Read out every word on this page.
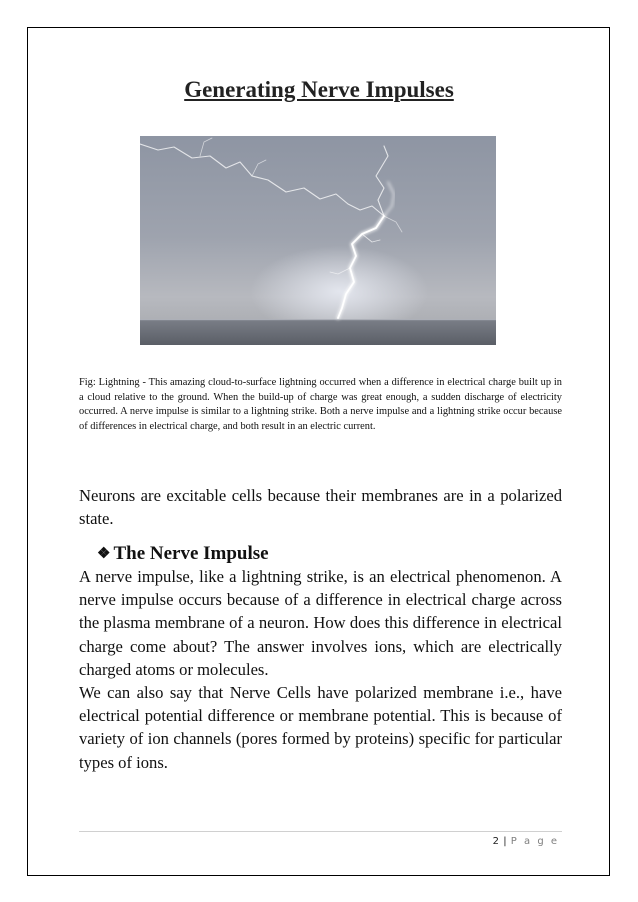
Generating Nerve Impulses
Fig: Lightning - This amazing cloud-to-surface lightning occurred when a difference in electrical charge built up in a cloud relative to the ground. When the build-up of charge was great enough, a sudden discharge of electricity occurred. A nerve impulse is similar to a lightning strike. Both a nerve impulse and a lightning strike occur because of differences in electrical charge, and both result in an electric current.
Neurons are excitable cells because their membranes are in a polarized state.
❖ The Nerve Impulse
A nerve impulse, like a lightning strike, is an electrical phenomenon. A nerve impulse occurs because of a difference in electrical charge across the plasma membrane of a neuron. How does this difference in electrical charge come about? The answer involves ions, which are electrically charged atoms or molecules.
We can also say that Nerve Cells have polarized membrane i.e., have electrical potential difference or membrane potential. This is because of variety of ion channels (pores formed by proteins) specific for particular types of ions.
2 | P a g e
